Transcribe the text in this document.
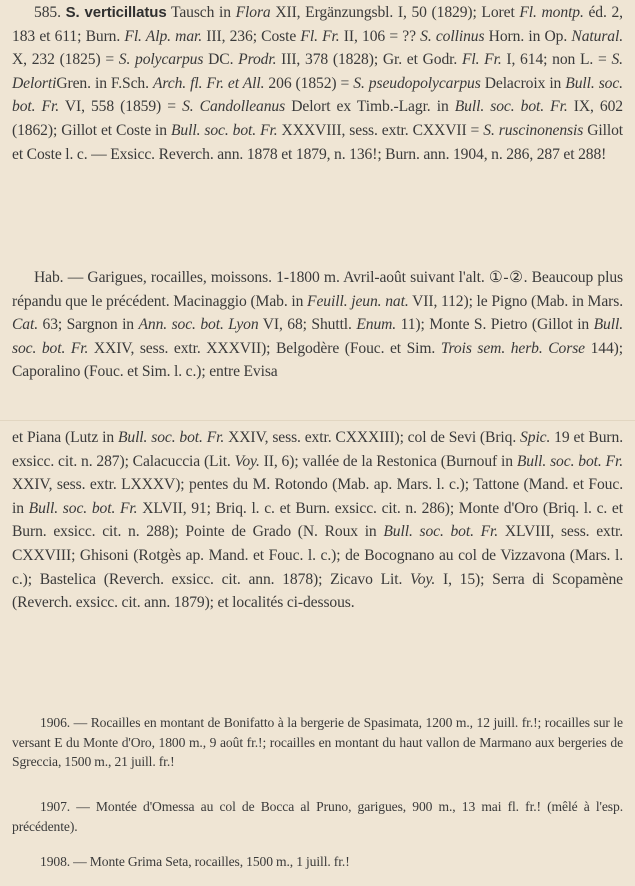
585. S. verticillatus Tausch in Flora XII, Ergänzungsbl. I, 50 (1829); Loret Fl. montp. éd. 2, 183 et 611; Burn. Fl. Alp. mar. III, 236; Coste Fl. Fr. II, 106 = ?? S. collinus Horn. in Op. Natural. X, 232 (1825) = S. polycarpus DC. Prodr. III, 378 (1828); Gr. et Godr. Fl. Fr. I, 614; non L. = S. DelortiGren. in F.Sch. Arch. fl. Fr. et All. 206 (1852) = S. pseudopolycarpus Delacroix in Bull. soc. bot. Fr. VI, 558 (1859) = S. Candolleanus Delort ex Timb.-Lagr. in Bull. soc. bot. Fr. IX, 602 (1862); Gillot et Coste in Bull. soc. bot. Fr. XXXVIII, sess. extr. CXXVII = S. ruscinonensis Gillot et Coste l. c. — Exsicc. Reverch. ann. 1878 et 1879, n. 136!; Burn. ann. 1904, n. 286, 287 et 288!
Hab. — Garigues, rocailles, moissons. 1-1800 m. Avril-août suivant l'alt. ①-②. Beaucoup plus répandu que le précédent. Macinaggio (Mab. in Feuill. jeun. nat. VII, 112); le Pigno (Mab. in Mars. Cat. 63; Sargnon in Ann. soc. bot. Lyon VI, 68; Shuttl. Enum. 11); Monte S. Pietro (Gillot in Bull. soc. bot. Fr. XXIV, sess. extr. XXXVII); Belgodère (Fouc. et Sim. Trois sem. herb. Corse 144); Caporalino (Fouc. et Sim. l. c.); entre Evisa
et Piana (Lutz in Bull. soc. bot. Fr. XXIV, sess. extr. CXXXIII); col de Sevi (Briq. Spic. 19 et Burn. exsicc. cit. n. 287); Calacuccia (Lit. Voy. II, 6); vallée de la Restonica (Burnouf in Bull. soc. bot. Fr. XXIV, sess. extr. LXXXV); pentes du M. Rotondo (Mab. ap. Mars. l. c.); Tattone (Mand. et Fouc. in Bull. soc. bot. Fr. XLVII, 91; Briq. l. c. et Burn. exsicc. cit. n. 286); Monte d'Oro (Briq. l. c. et Burn. exsicc. cit. n. 288); Pointe de Grado (N. Roux in Bull. soc. bot. Fr. XLVIII, sess. extr. CXXVIII; Ghisoni (Rotgès ap. Mand. et Fouc. l. c.); de Bocognano au col de Vizzavona (Mars. l. c.); Bastelica (Reverch. exsicc. cit. ann. 1878); Zicavo Lit. Voy. I, 15); Serra di Scopamène (Reverch. exsicc. cit. ann. 1879); et localités ci-dessous.
1906. — Rocailles en montant de Bonifatto à la bergerie de Spasimata, 1200 m., 12 juill. fr.!; rocailles sur le versant E du Monte d'Oro, 1800 m., 9 août fr.!; rocailles en montant du haut vallon de Marmano aux bergeries de Sgreccia, 1500 m., 21 juill. fr.!
1907. — Montée d'Omessa au col de Bocca al Pruno, garigues, 900 m., 13 mai fl. fr.! (mêlé à l'esp. précédente).
1908. — Monte Grima Seta, rocailles, 1500 m., 1 juill. fr.!
